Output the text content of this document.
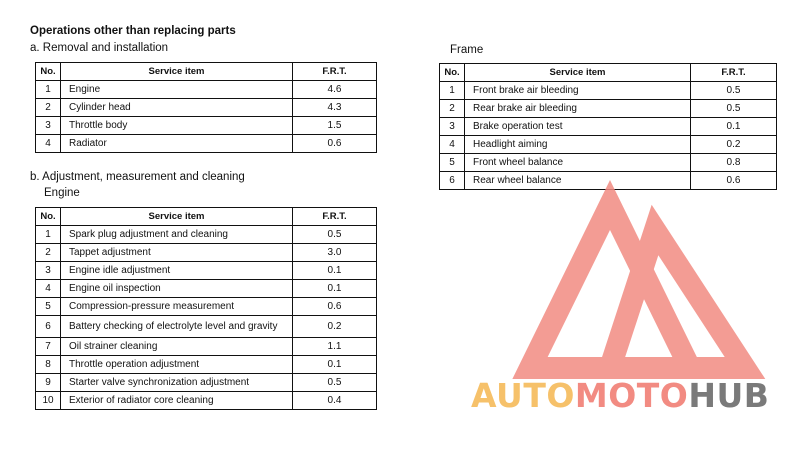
Operations other than replacing parts
a. Removal and installation
No.	Service item	F.R.T.
1	Engine	4.6
2	Cylinder head	4.3
3	Throttle body	1.5
4	Radiator	0.6
b. Adjustment, measurement and cleaning
Engine
No.	Service item	F.R.T.
1	Spark plug adjustment and cleaning	0.5
2	Tappet adjustment	3.0
3	Engine idle adjustment	0.1
4	Engine oil inspection	0.1
5	Compression-pressure measurement	0.6
6	Battery checking of electrolyte level and gravity	0.2
7	Oil strainer cleaning	1.1
8	Throttle operation adjustment	0.1
9	Starter valve synchronization adjustment	0.5
10	Exterior of radiator core cleaning	0.4
Frame
No.	Service item	F.R.T.
1	Front brake air bleeding	0.5
2	Rear brake air bleeding	0.5
3	Brake operation test	0.1
4	Headlight aiming	0.2
5	Front wheel balance	0.8
6	Rear wheel balance	0.6
AUTOMOTOHUB
